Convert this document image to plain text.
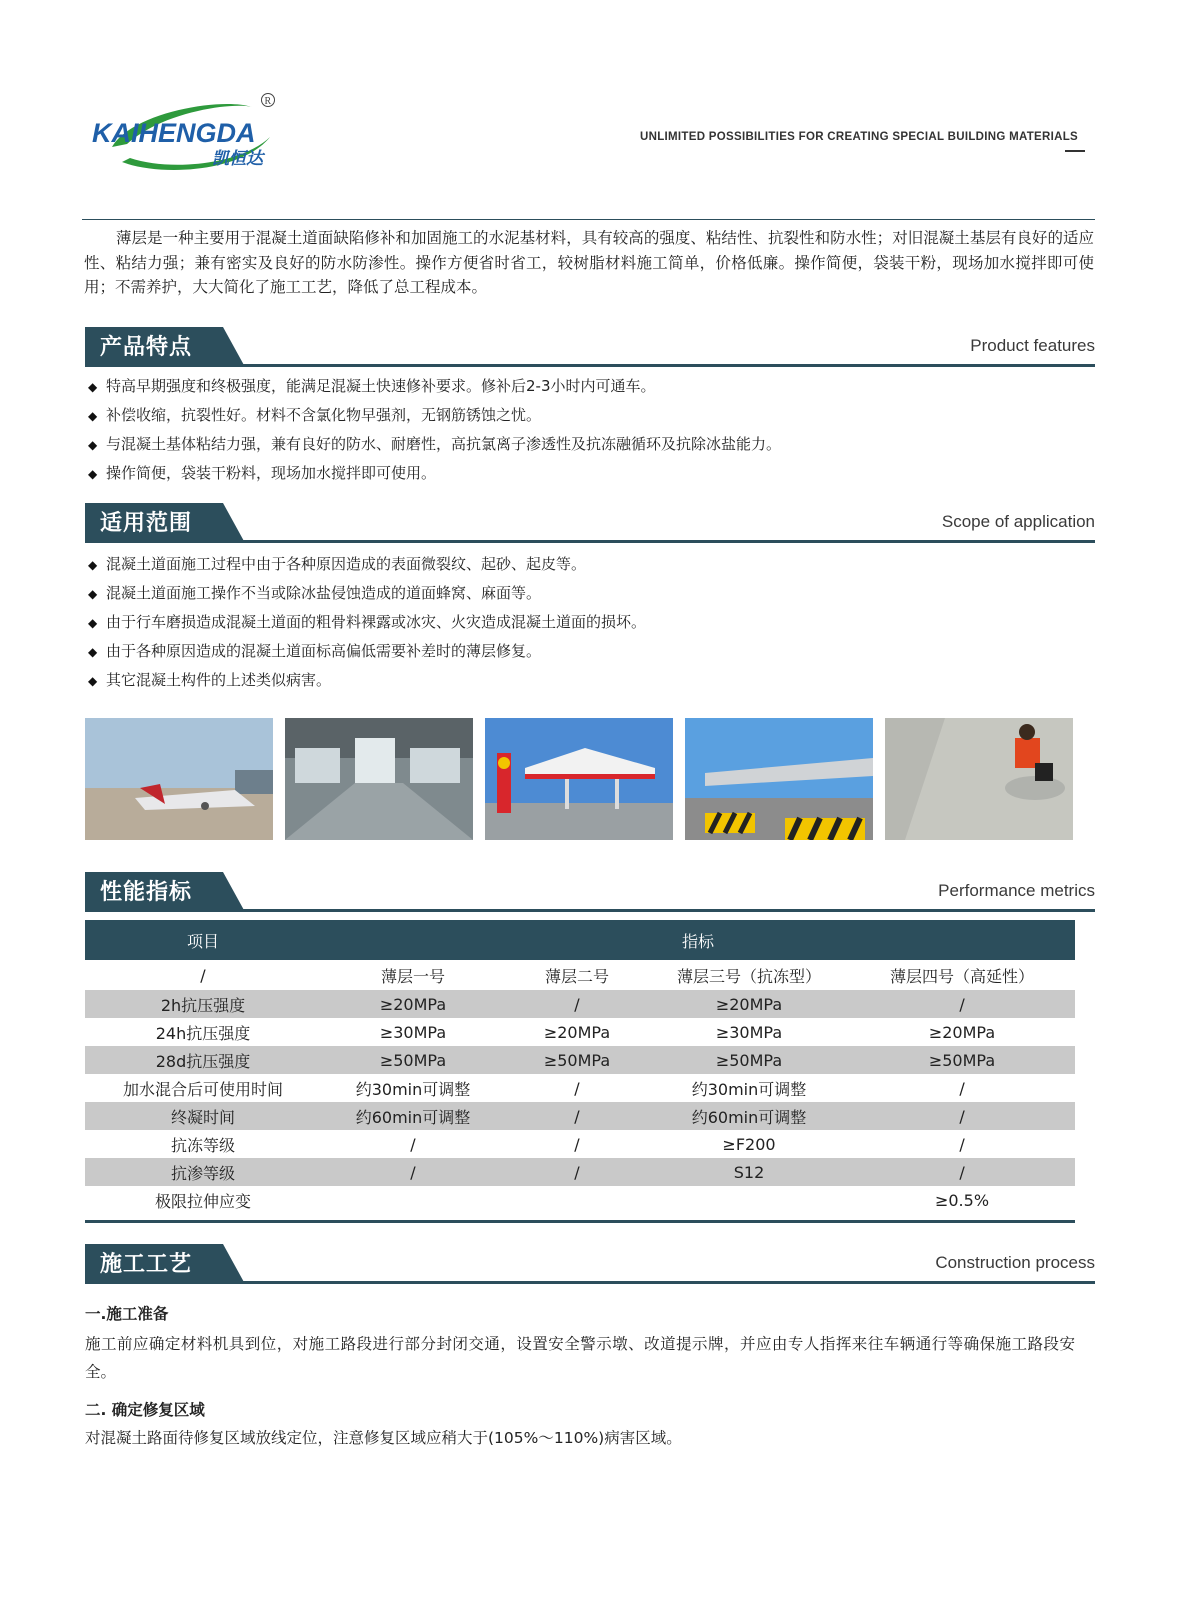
KAIHENGDA
凯恒达
R
UNLIMITED POSSIBILITIES FOR CREATING SPECIAL BUILDING MATERIALS
薄层是一种主要用于混凝土道面缺陷修补和加固施工的水泥基材料，具有较高的强度、粘结性、抗裂性和防水性；对旧混凝土基层有良好的适应性、粘结力强；兼有密实及良好的防水防渗性。操作方便省时省工，较树脂材料施工简单，价格低廉。操作简便，袋装干粉，现场加水搅拌即可使用；不需养护，大大简化了施工工艺，降低了总工程成本。
产品特点	Product features
◆ 特高早期强度和终极强度，能满足混凝土快速修补要求。修补后2-3小时内可通车。
◆ 补偿收缩，抗裂性好。材料不含氯化物早强剂，无钢筋锈蚀之忧。
◆ 与混凝土基体粘结力强，兼有良好的防水、耐磨性，高抗氯离子渗透性及抗冻融循环及抗除冰盐能力。
◆ 操作简便，袋装干粉料，现场加水搅拌即可使用。
适用范围	Scope of application
◆ 混凝土道面施工过程中由于各种原因造成的表面微裂纹、起砂、起皮等。
◆ 混凝土道面施工操作不当或除冰盐侵蚀造成的道面蜂窝、麻面等。
◆ 由于行车磨损造成混凝土道面的粗骨料裸露或冰灾、火灾造成混凝土道面的损坏。
◆ 由于各种原因造成的混凝土道面标高偏低需要补差时的薄层修复。
◆ 其它混凝土构件的上述类似病害。
性能指标	Performance metrics
项目	指标			
/	薄层一号	薄层二号	薄层三号（抗冻型）	薄层四号（高延性）
2h抗压强度	≥20MPa	/	≥20MPa	/
24h抗压强度	≥30MPa	≥20MPa	≥30MPa	≥20MPa
28d抗压强度	≥50MPa	≥50MPa	≥50MPa	≥50MPa
加水混合后可使用时间	约30min可调整	/	约30min可调整	/
终凝时间	约60min可调整	/	约60min可调整	/
抗冻等级	/	/	≥F200	/
抗渗等级	/	/	S12	/
极限拉伸应变				≥0.5%
施工工艺	Construction process
一.施工准备
施工前应确定材料机具到位，对施工路段进行部分封闭交通，设置安全警示墩、改道提示牌，并应由专人指挥来往车辆通行等确保施工路段安全。
二. 确定修复区域
对混凝土路面待修复区域放线定位，注意修复区域应稍大于(105%～110%)病害区域。
